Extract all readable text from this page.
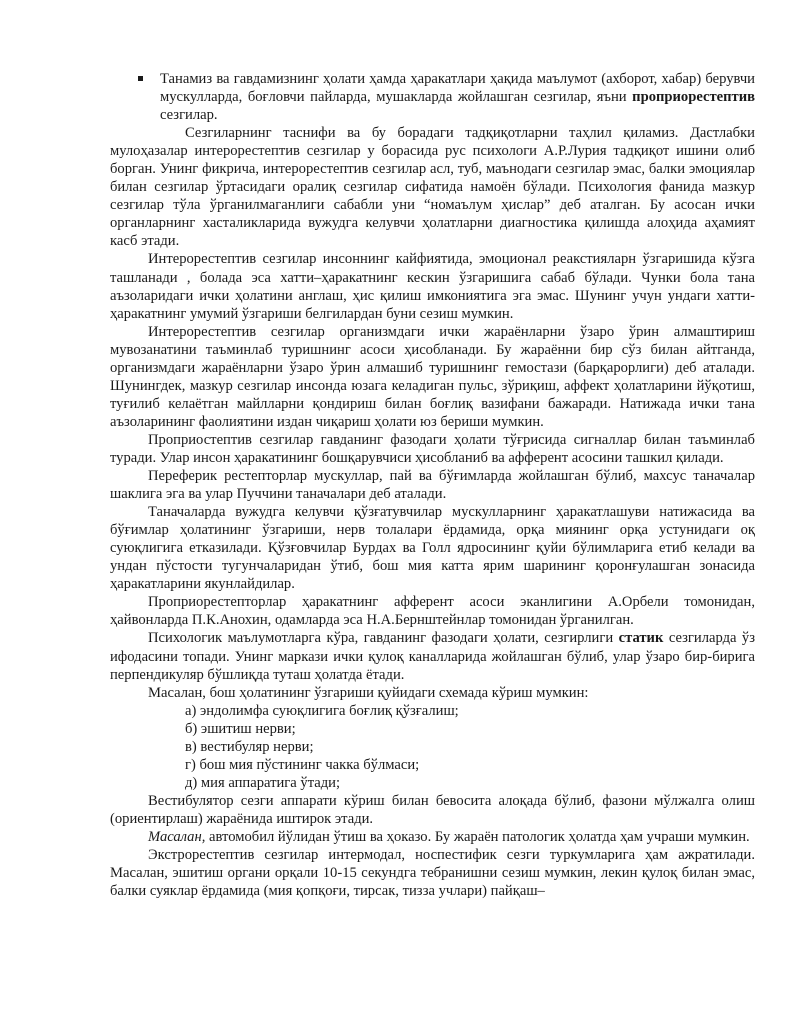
Танамиз ва гавдамизнинг ҳолати ҳамда ҳаракатлари ҳақида маълумот (ахборот, хабар) берувчи мускулларда, боғловчи пайларда, мушакларда жойлашган сезгилар, яъни проприорестептив сезгилар.

Сезгиларнинг таснифи ва бу борадаги тадқиқотларни таҳлил қиламиз. Дастлабки мулоҳазалар интерорестептив сезгилар у борасида рус психологи А.Р.Лурия тадқиқот ишини олиб борган. Унинг фикрича, интерорестептив сезгилар асл, туб, маънодаги сезгилар эмас, балки эмоциялар билан сезгилар ўртасидаги оралиқ сезгилар сифатида намоён бўлади. Психология фанида мазкур сезгилар тўла ўрганилмаганлиги сабабли уни “номаълум ҳислар” деб аталган. Бу асосан ички органларнинг хасталикларида вужудга келувчи ҳолатларни диагностика қилишда алоҳида аҳамият касб этади.

Интерорестептив сезгилар инсоннинг кайфиятида, эмоционал реакстияларн ўзгаришида кўзга ташланади , болада эса хатти–ҳаракатнинг кескин ўзгаришига сабаб бўлади. Чунки бола тана аъзоларидаги ички ҳолатини англаш, ҳис қилиш имкониятига эга эмас. Шунинг учун ундаги хатти-ҳаракатнинг умумий ўзгариши белгилардан буни сезиш мумкин.

Интерорестептив сезгилар организмдаги ички жараёнларни ўзаро ўрин алмаштириш мувозанатини таъминлаб туришнинг асоси ҳисобланади. Бу жараённи бир сўз билан айтганда, организмдаги жараёнларни ўзаро ўрин алмашиб туришнинг гемостази (барқарорлиги) деб аталади. Шунингдек, мазкур сезгилар инсонда юзага келадиган пульс, зўриқиш, аффект ҳолатларини йўқотиш, туғилиб келаётган майлларни қондириш билан боғлиқ вазифани бажаради. Натижада ички тана аъзоларининг фаолиятини издан чиқариш ҳолати юз бериши мумкин.

Проприостептив сезгилар гавданинг фазодаги ҳолати тўғрисида сигналлар билан таъминлаб туради. Улар инсон ҳаракатининг бошқарувчиси ҳисобланиб ва афферент асосини ташкил қилади.

Переферик рестепторлар мускуллар, пай ва бўғимларда жойлашган бўлиб, махсус таначалар шаклига эга ва улар Пуччини таначалари деб аталади.

Таначаларда вужудга келувчи қўзғатувчилар мускулларнинг ҳаракатлашуви натижасида ва бўғимлар ҳолатининг ўзгариши, нерв толалари ёрдамида, орқа миянинг орқа устунидаги оқ суюқлигига етказилади. Қўзғовчилар Бурдах ва Голл ядросининг қуйи бўлимларига етиб келади ва ундан пўстости тугунчаларидан ўтиб, бош мия катта ярим шарининг қоронғулашган зонасида ҳаракатларини якунлайдилар.

Проприорестепторлар ҳаракатнинг афферент асоси эканлигини А.Орбели томонидан, ҳайвонларда П.К.Анохин, одамларда эса Н.А.Бернштейнлар томонидан ўрганилган.

Психологик маълумотларга кўра, гавданинг фазодаги ҳолати, сезгирлиги статик сезгиларда ўз ифодасини топади. Унинг маркази ички қулоқ каналларида жойлашган бўлиб, улар ўзаро бир-бирига перпендикуляр бўшлиқда туташ ҳолатда ётади.

Масалан, бош ҳолатининг ўзгариши қуйидаги схемада кўриш мумкин:

а) эндолимфа суюқлигига боғлиқ қўзғалиш;

б) эшитиш нерви;

в) вестибуляр нерви;

г) бош мия пўстининг чакка бўлмаси;

д) мия аппаратига ўтади;

Вестибулятор сезги аппарати кўриш билан бевосита алоқада бўлиб, фазони мўлжалга олиш (ориентирлаш) жараёнида иштирок этади.

Масалан, автомобил йўлидан ўтиш ва ҳоказо. Бу жараён патологик ҳолатда ҳам учраши мумкин.

Экстрорестептив сезгилар интермодал, носпестифик сезги туркумларига ҳам ажратилади. Масалан, эшитиш органи орқали 10-15 секундга тебранишни сезиш мумкин, лекин қулоқ билан эмас, балки суяклар ёрдамида (мия қопқоғи, тирсак, тизза учлари) пайқаш–
